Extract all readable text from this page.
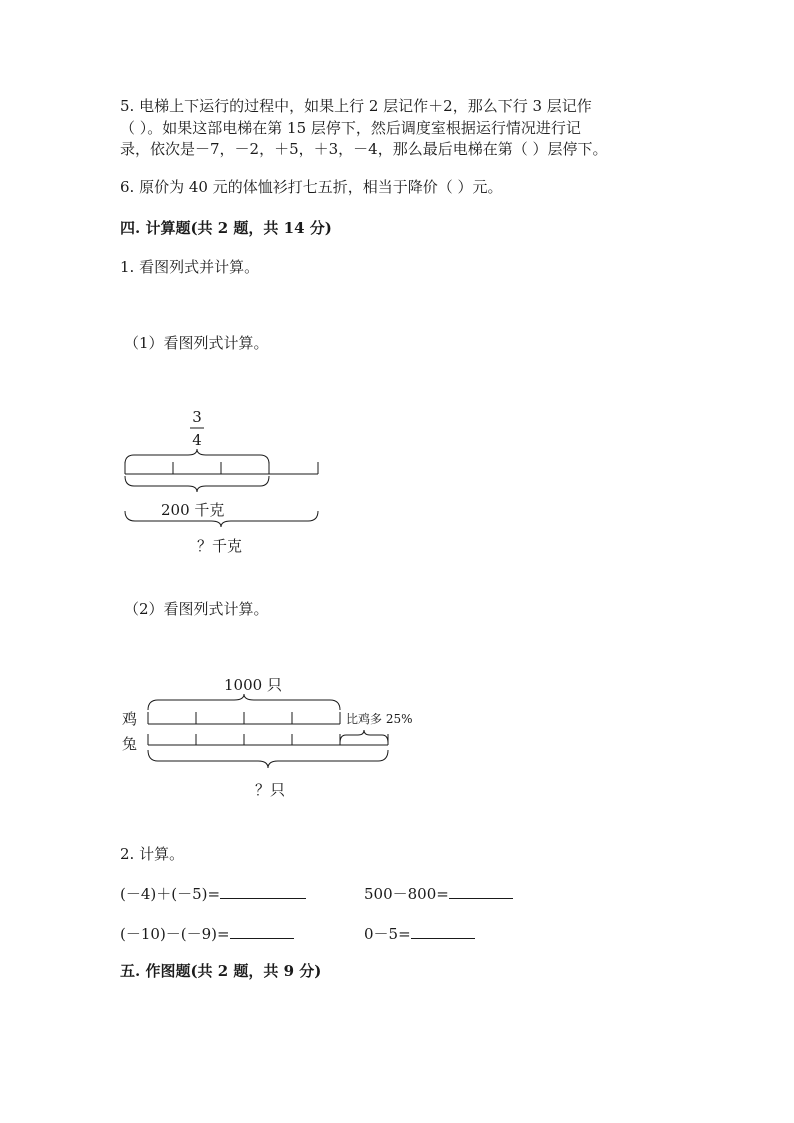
5. 电梯上下运行的过程中，如果上行 2 层记作＋2，那么下行 3 层记作
（ ）。如果这部电梯在第 15 层停下，然后调度室根据运行情况进行记
录，依次是－7，－2，＋5，＋3，－4，那么最后电梯在第（ ）层停下。
6. 原价为 40 元的体恤衫打七五折，相当于降价（ ）元。
四. 计算题(共 2 题，共 14 分)
1. 看图列式并计算。
（1）看图列式计算。
3
4
200 千克
？千克
（2）看图列式计算。
1000 只
鸡	比鸡多 25%
兔
？只
2. 计算。
(－4)＋(－5)=	500－800=
(－10)－(－9)=	0－5=
五. 作图题(共 2 题，共 9 分)
